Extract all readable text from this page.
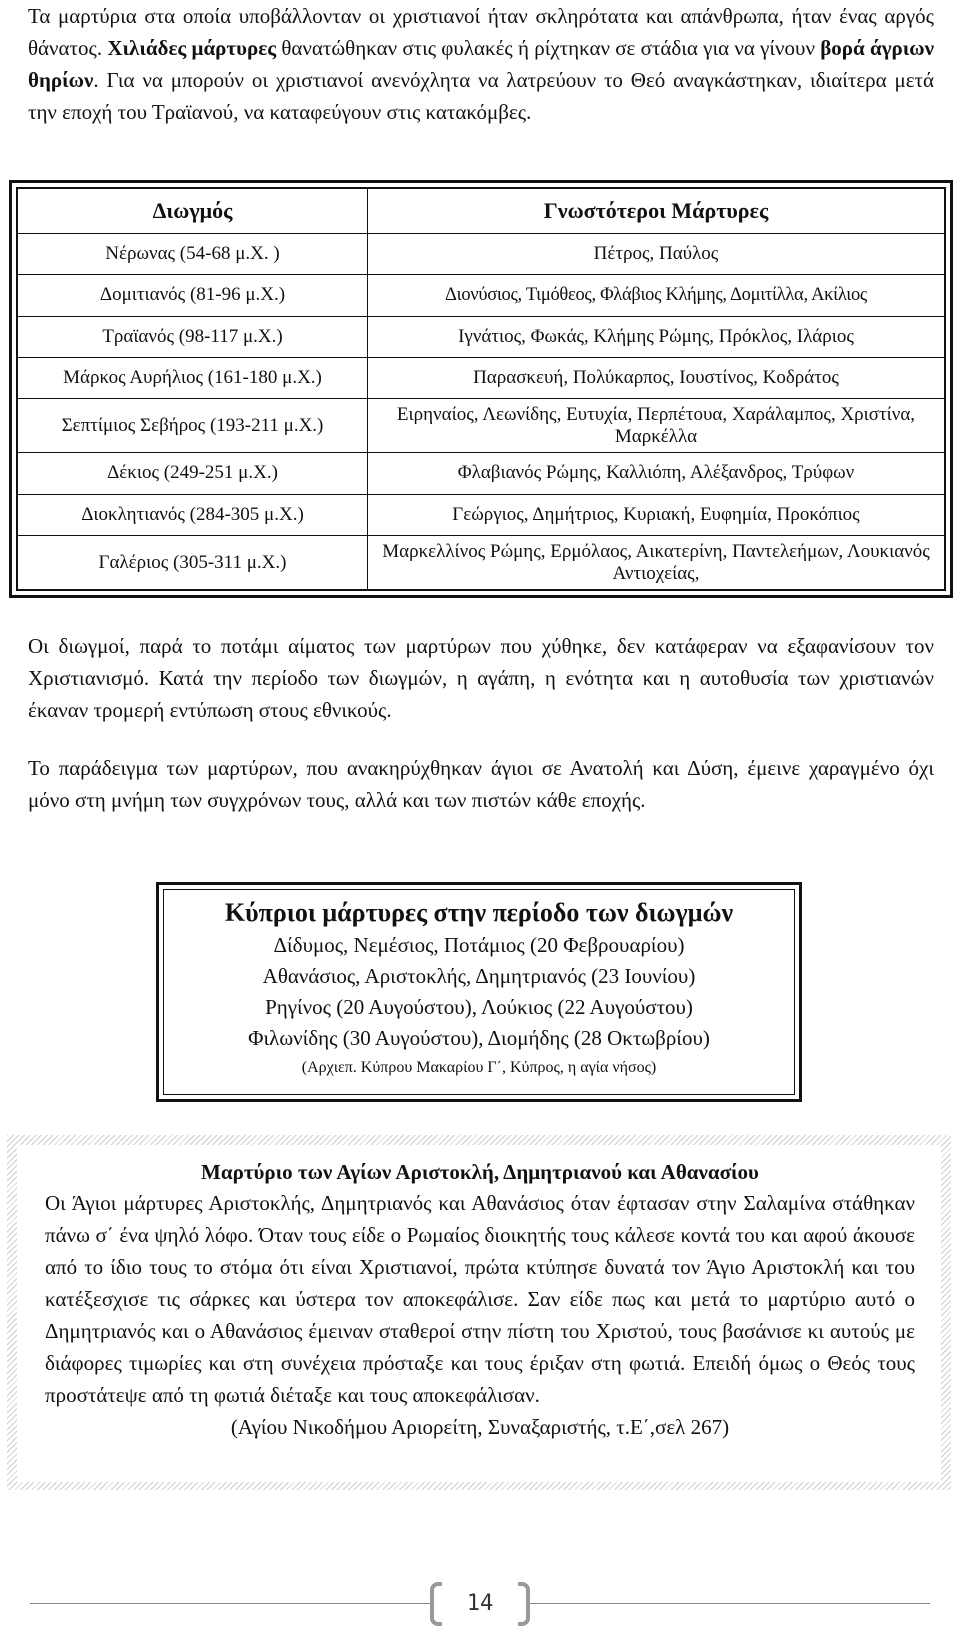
Τα μαρτύρια στα οποία υποβάλλονταν οι χριστιανοί ήταν σκληρότατα και απάνθρωπα, ήταν ένας αργός θάνατος. Χιλιάδες μάρτυρες θανατώθηκαν στις φυλακές ή ρίχτηκαν σε στάδια για να γίνουν βορά άγριων θηρίων. Για να μπορούν οι χριστιανοί ανενόχλητα να λατρεύουν το Θεό αναγκάστηκαν, ιδιαίτερα μετά την εποχή του Τραϊανού, να καταφεύγουν στις κατακόμβες.

Διωγμός	Γνωστότεροι Μάρτυρες
Νέρωνας (54-68 μ.Χ. )	Πέτρος, Παύλος
Δομιτιανός (81-96 μ.Χ.)	Διονύσιος, Τιμόθεος, Φλάβιος Κλήμης, Δομιτίλλα, Ακίλιος
Τραϊανός (98-117 μ.Χ.)	Ιγνάτιος, Φωκάς, Κλήμης Ρώμης, Πρόκλος, Ιλάριος
Μάρκος Αυρήλιος (161-180 μ.Χ.)	Παρασκευή, Πολύκαρπος, Ιουστίνος, Κοδράτος
Σεπτίμιος Σεβήρος (193-211 μ.Χ.)	Ειρηναίος, Λεωνίδης, Ευτυχία, Περπέτουα, Χαράλαμπος, Χριστίνα, Μαρκέλλα
Δέκιος (249-251 μ.Χ.)	Φλαβιανός Ρώμης, Καλλιόπη, Αλέξανδρος, Τρύφων
Διοκλητιανός (284-305 μ.Χ.)	Γεώργιος, Δημήτριος, Κυριακή, Ευφημία, Προκόπιος
Γαλέριος (305-311 μ.Χ.)	Μαρκελλίνος Ρώμης, Ερμόλαος, Αικατερίνη, Παντελεήμων, Λουκιανός Αντιοχείας,

Οι διωγμοί, παρά το ποτάμι αίματος των μαρτύρων που χύθηκε, δεν κατάφεραν να εξαφανίσουν τον Χριστιανισμό. Κατά την περίοδο των διωγμών, η αγάπη, η ενότητα και η αυτοθυσία των χριστιανών έκαναν τρομερή εντύπωση στους εθνικούς.

Το παράδειγμα των μαρτύρων, που ανακηρύχθηκαν άγιοι σε Ανατολή και Δύση, έμεινε χαραγμένο όχι μόνο στη μνήμη των συγχρόνων τους, αλλά και των πιστών κάθε εποχής.

Κύπριοι μάρτυρες στην περίοδο των διωγμών
Δίδυμος, Νεμέσιος, Ποτάμιος (20 Φεβρουαρίου)
Αθανάσιος, Αριστοκλής, Δημητριανός (23 Ιουνίου)
Ρηγίνος (20 Αυγούστου), Λούκιος (22 Αυγούστου)
Φιλωνίδης (30 Αυγούστου), Διομήδης (28 Οκτωβρίου)
(Αρχιεπ. Κύπρου Μακαρίου Γ΄, Κύπρος, η αγία νήσος)
Μαρτύριο των Αγίων Αριστοκλή, Δημητριανού και Αθανασίου

Οι Άγιοι μάρτυρες Αριστοκλής, Δημητριανός και Αθανάσιος όταν έφτασαν στην Σαλαμίνα στάθηκαν πάνω σ΄ ένα ψηλό λόφο. Όταν τους είδε ο Ρωμαίος διοικητής τους κάλεσε κοντά του και αφού άκουσε από το ίδιο τους το στόμα ότι είναι Χριστιανοί, πρώτα κτύπησε δυνατά τον Άγιο Αριστοκλή και του κατέξεσχισε τις σάρκες και ύστερα τον αποκεφάλισε. Σαν είδε πως και μετά το μαρτύριο αυτό ο Δημητριανός και ο Αθανάσιος έμειναν σταθεροί στην πίστη του Χριστού, τους βασάνισε κι αυτούς με διάφορες τιμωρίες και στη συνέχεια πρόσταξε και τους έριξαν στη φωτιά. Επειδή όμως ο Θεός τους προστάτεψε από τη φωτιά διέταξε και τους αποκεφάλισαν.

(Αγίου Νικοδήμου Αριορείτη, Συναξαριστής, τ.Ε΄,σελ 267)
14
